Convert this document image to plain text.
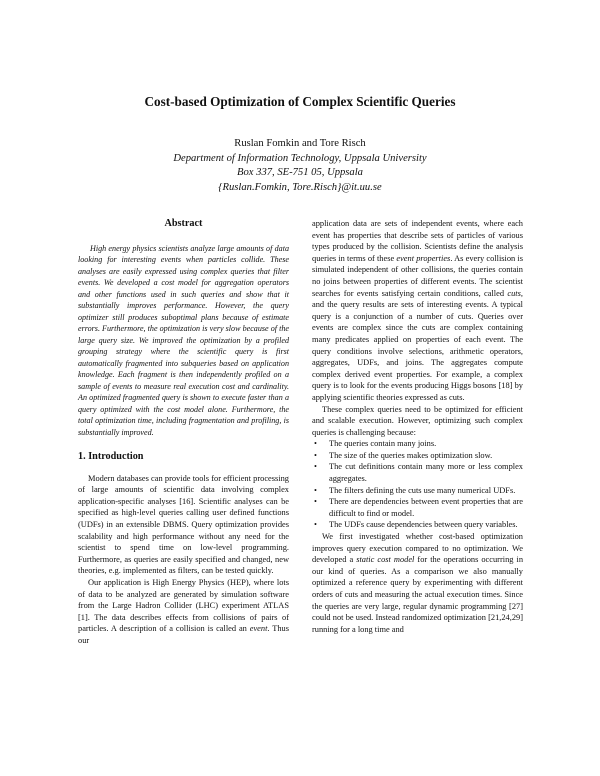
Cost-based Optimization of Complex Scientific Queries
Ruslan Fomkin and Tore Risch
Department of Information Technology, Uppsala University
Box 337, SE-751 05, Uppsala
{Ruslan.Fomkin, Tore.Risch}@it.uu.se
Abstract

High energy physics scientists analyze large amounts of data looking for interesting events when particles collide. These analyses are easily expressed using complex queries that filter events. We developed a cost model for aggregation operators and other functions used in such queries and show that it substantially improves performance. However, the query optimizer still produces suboptimal plans because of estimate errors. Furthermore, the optimization is very slow because of the large query size. We improved the optimization by a profiled grouping strategy where the scientific query is first automatically fragmented into subqueries based on application knowledge. Each fragment is then independently profiled on a sample of events to measure real execution cost and cardinality. An optimized fragmented query is shown to execute faster than a query optimized with the cost model alone. Furthermore, the total optimization time, including fragmentation and profiling, is substantially improved.

1. Introduction

Modern databases can provide tools for efficient processing of large amounts of scientific data involving complex application-specific analyses [16]. Scientific analyses can be specified as high-level queries calling user defined functions (UDFs) in an extensible DBMS. Query optimization provides scalability and high performance without any need for the scientist to spend time on low-level programming. Furthermore, as queries are easily specified and changed, new theories, e.g. implemented as filters, can be tested quickly.

Our application is High Energy Physics (HEP), where lots of data to be analyzed are generated by simulation software from the Large Hadron Collider (LHC) experiment ATLAS [1]. The data describes effects from collisions of pairs of particles. A description of a collision is called an event. Thus our

application data are sets of independent events, where each event has properties that describe sets of particles of various types produced by the collision. Scientists define the analysis queries in terms of these event properties. As every collision is simulated independent of other collisions, the queries contain no joins between properties of different events. The scientist searches for events satisfying certain conditions, called cuts, and the query results are sets of interesting events. A typical query is a conjunction of a number of cuts. Queries over events are complex since the cuts are complex containing many predicates applied on properties of each event. The query conditions involve selections, arithmetic operators, aggregates, UDFs, and joins. The aggregates compute complex derived event properties. For example, a complex query is to look for the events producing Higgs bosons [18] by applying scientific theories expressed as cuts.

These complex queries need to be optimized for efficient and scalable execution. However, optimizing such complex queries is challenging because:

• The queries contain many joins.
• The size of the queries makes optimization slow.
• The cut definitions contain many more or less complex aggregates.
• The filters defining the cuts use many numerical UDFs.
• There are dependencies between event properties that are difficult to find or model.
• The UDFs cause dependencies between query variables.

We first investigated whether cost-based optimization improves query execution compared to no optimization. We developed a static cost model for the operations occurring in our kind of queries. As a comparison we also manually optimized a reference query by experimenting with different orders of cuts and measuring the actual execution times. Since the queries are very large, regular dynamic programming [27] could not be used. Instead randomized optimization [21,24,29] running for a long time and
